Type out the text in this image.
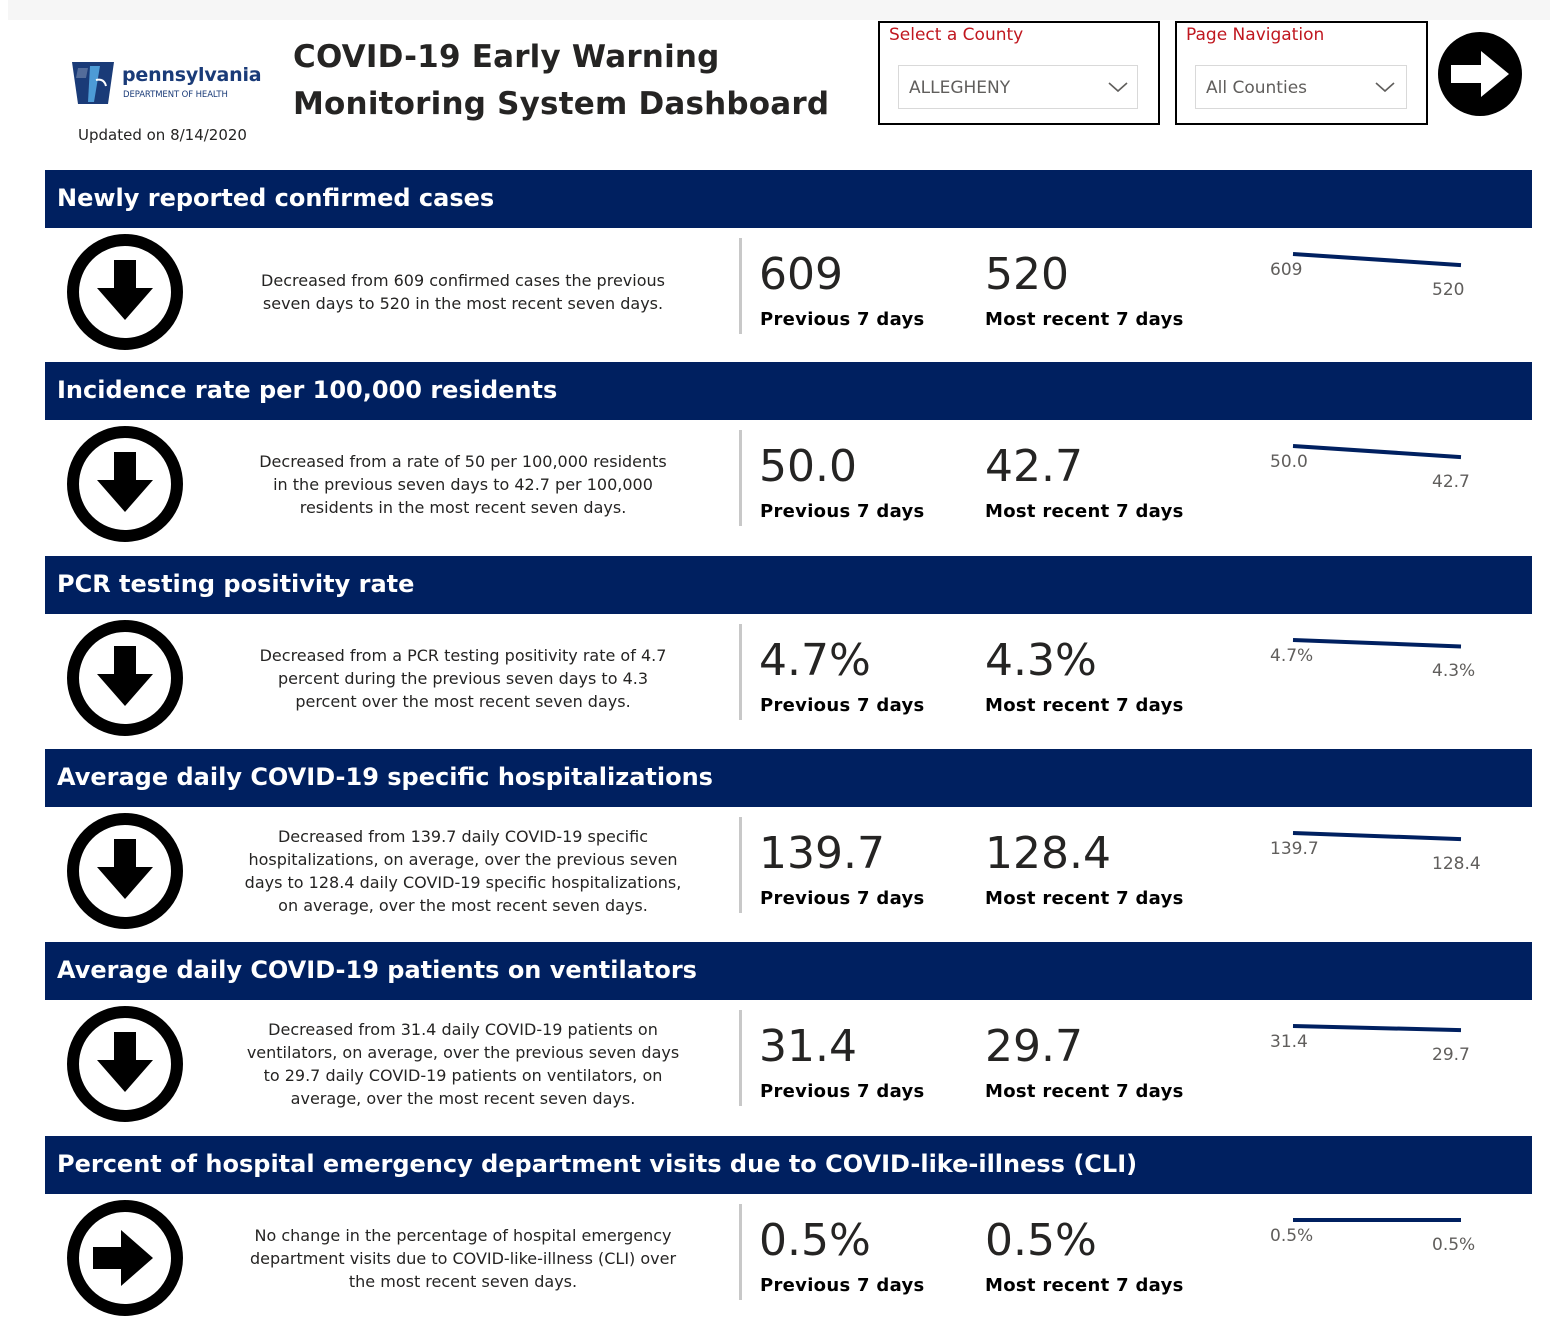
pennsylvania
DEPARTMENT OF HEALTH
Updated on 8/14/2020
COVID-19 Early Warning
Monitoring System Dashboard
Select a County
ALLEGHENY
Page Navigation
All Counties
Newly reported confirmed cases
Decreased from 609 confirmed cases the previous
seven days to 520 in the most recent seven days.
609
Previous 7 days
520
Most recent 7 days
609
520
Incidence rate per 100,000 residents
Decreased from a rate of 50 per 100,000 residents
in the previous seven days to 42.7 per 100,000
residents in the most recent seven days.
50.0
Previous 7 days
42.7
Most recent 7 days
50.0
42.7
PCR testing positivity rate
Decreased from a PCR testing positivity rate of 4.7
percent during the previous seven days to 4.3
percent over the most recent seven days.
4.7%
Previous 7 days
4.3%
Most recent 7 days
4.7%
4.3%
Average daily COVID-19 specific hospitalizations
Decreased from 139.7 daily COVID-19 specific
hospitalizations, on average, over the previous seven
days to 128.4 daily COVID-19 specific hospitalizations,
on average, over the most recent seven days.
139.7
Previous 7 days
128.4
Most recent 7 days
139.7
128.4
Average daily COVID-19 patients on ventilators
Decreased from 31.4 daily COVID-19 patients on
ventilators, on average, over the previous seven days
to 29.7 daily COVID-19 patients on ventilators, on
average, over the most recent seven days.
31.4
Previous 7 days
29.7
Most recent 7 days
31.4
29.7
Percent of hospital emergency department visits due to COVID-like-illness (CLI)
No change in the percentage of hospital emergency
department visits due to COVID-like-illness (CLI) over
the most recent seven days.
0.5%
Previous 7 days
0.5%
Most recent 7 days
0.5%	0.5%
